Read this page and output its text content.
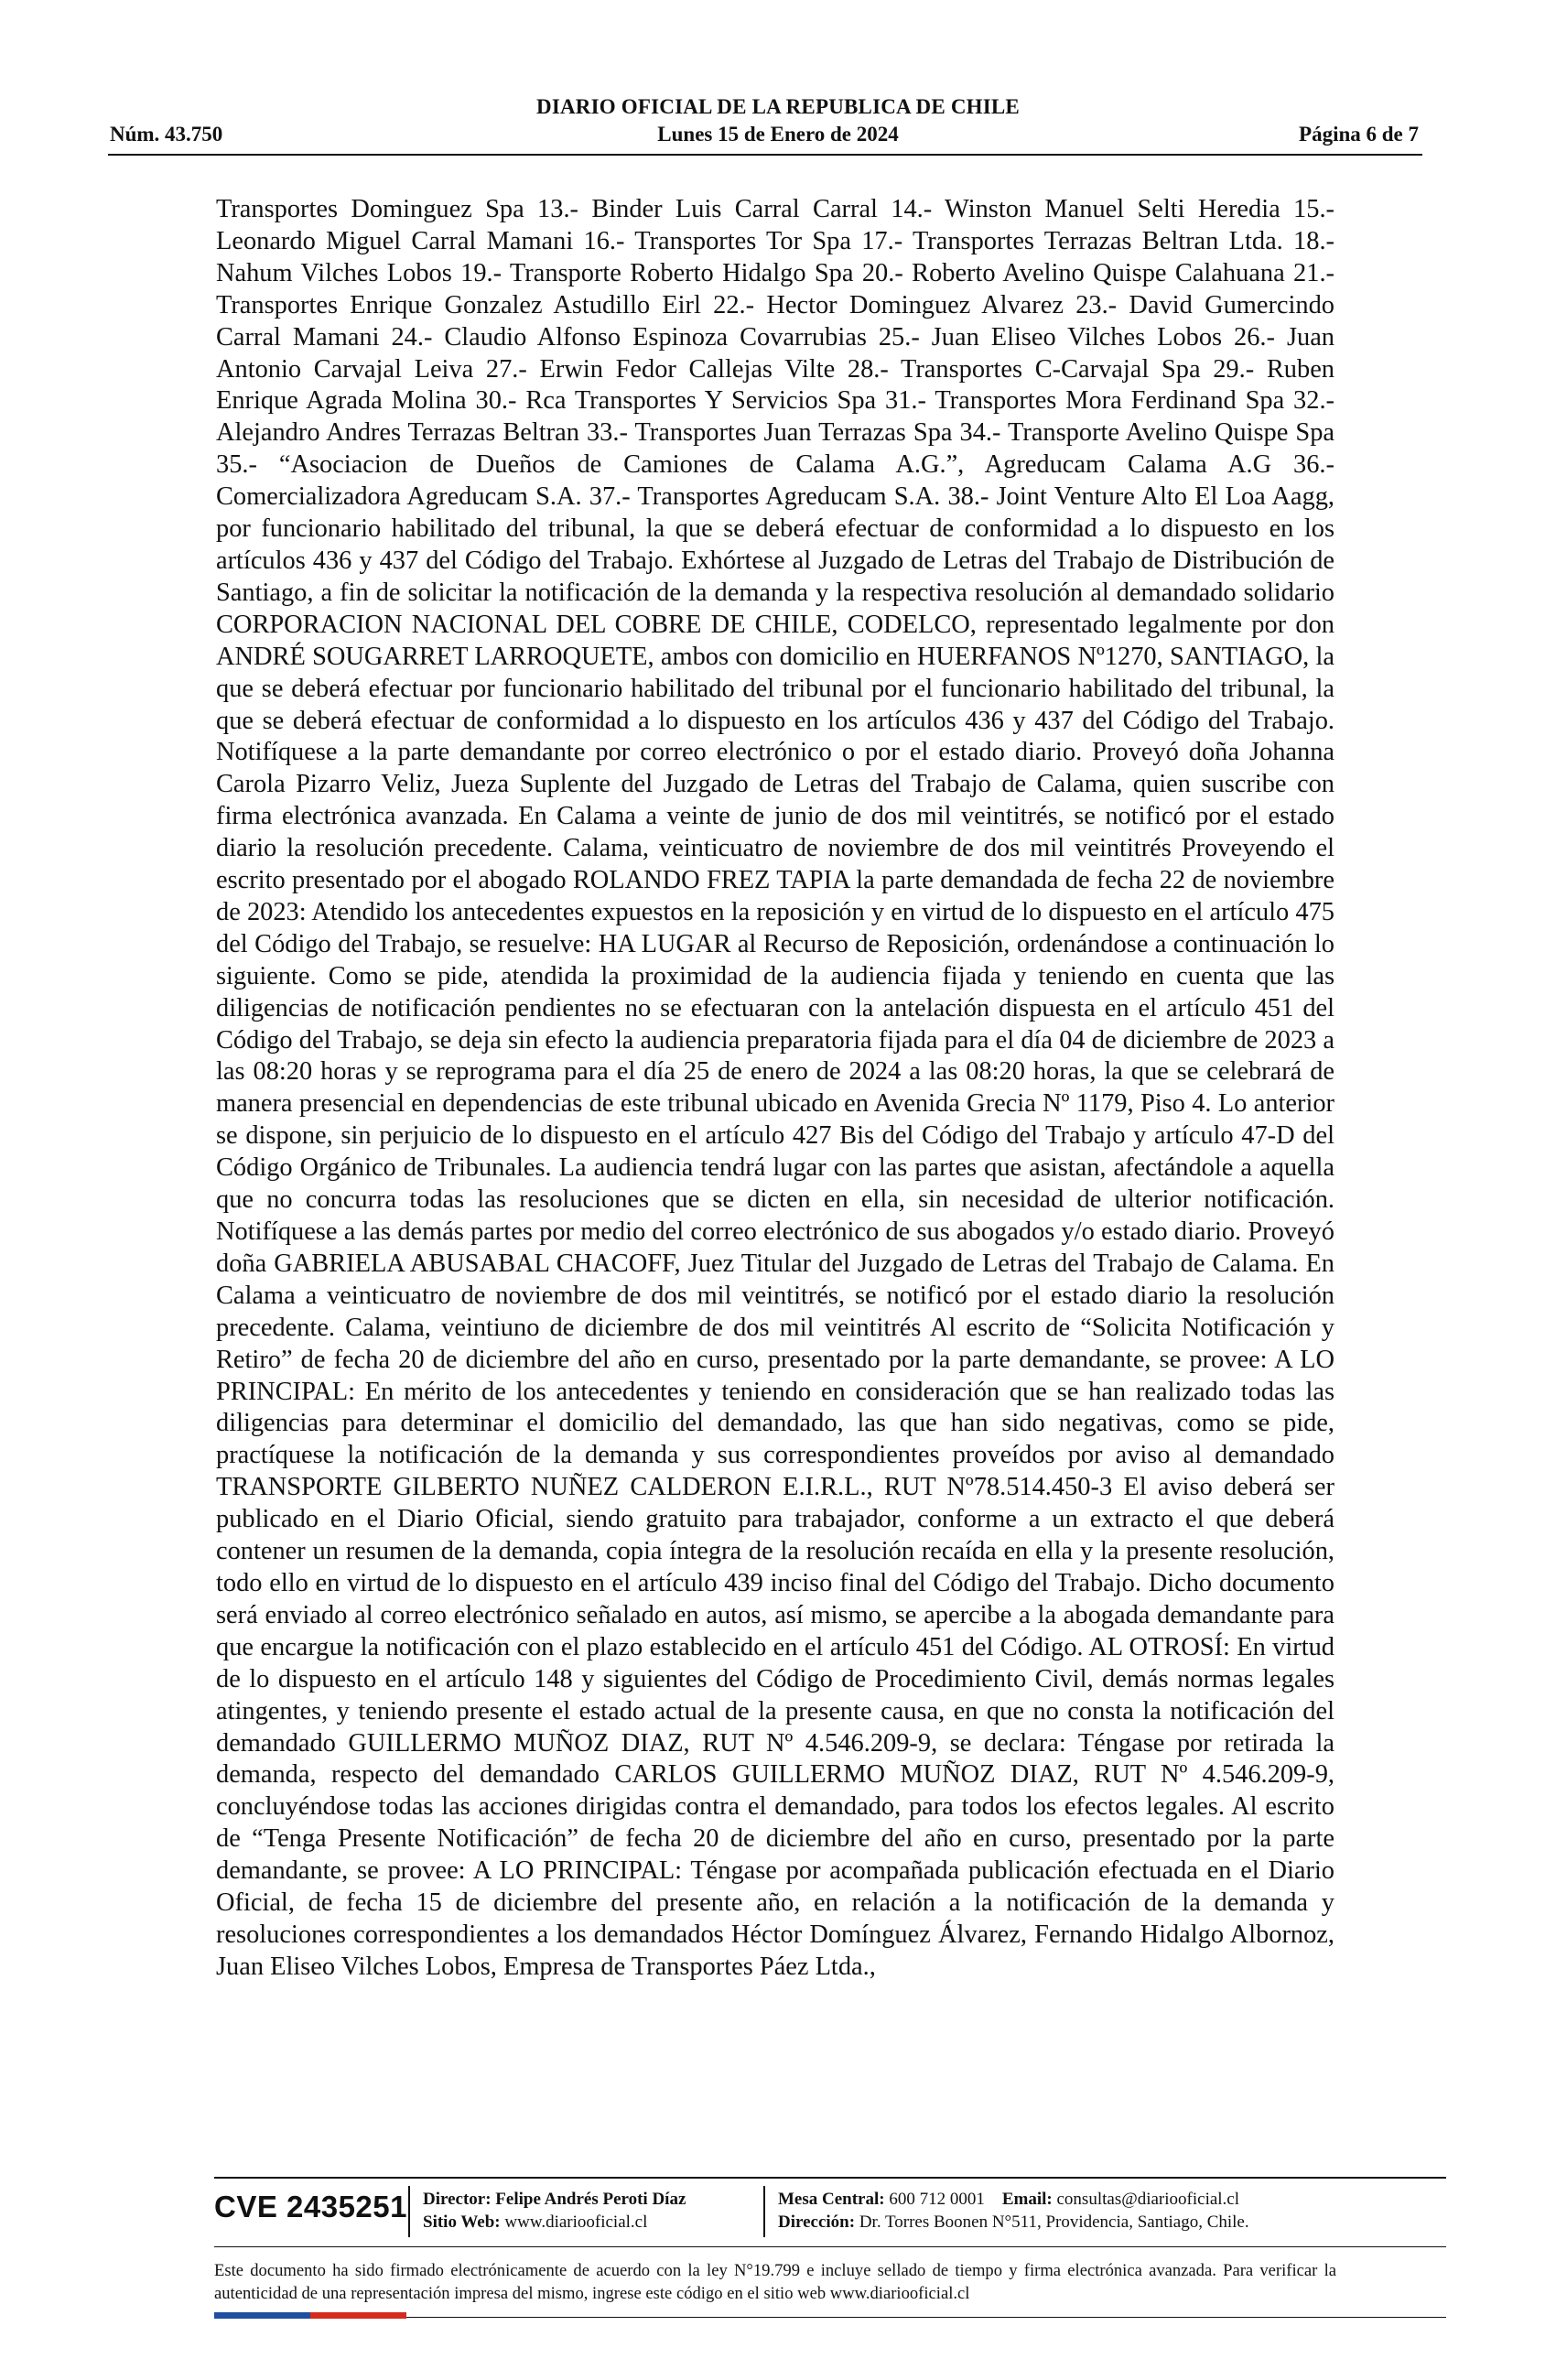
DIARIO OFICIAL DE LA REPUBLICA DE CHILE
Núm. 43.750	Lunes 15 de Enero de 2024	Página 6 de 7
Transportes Dominguez Spa 13.- Binder Luis Carral Carral 14.- Winston Manuel Selti Heredia 15.- Leonardo Miguel Carral Mamani 16.- Transportes Tor Spa 17.- Transportes Terrazas Beltran Ltda. 18.- Nahum Vilches Lobos 19.- Transporte Roberto Hidalgo Spa 20.- Roberto Avelino Quispe Calahuana 21.- Transportes Enrique Gonzalez Astudillo Eirl 22.- Hector Dominguez Alvarez 23.- David Gumercindo Carral Mamani 24.- Claudio Alfonso Espinoza Covarrubias 25.- Juan Eliseo Vilches Lobos 26.- Juan Antonio Carvajal Leiva 27.- Erwin Fedor Callejas Vilte 28.- Transportes C-Carvajal Spa 29.- Ruben Enrique Agrada Molina 30.- Rca Transportes Y Servicios Spa 31.- Transportes Mora Ferdinand Spa 32.- Alejandro Andres Terrazas Beltran 33.- Transportes Juan Terrazas Spa 34.- Transporte Avelino Quispe Spa 35.- “Asociacion de Dueños de Camiones de Calama A.G.”, Agreducam Calama A.G 36.- Comercializadora Agreducam S.A. 37.- Transportes Agreducam S.A. 38.- Joint Venture Alto El Loa Aagg, por funcionario habilitado del tribunal, la que se deberá efectuar de conformidad a lo dispuesto en los artículos 436 y 437 del Código del Trabajo. Exhórtese al Juzgado de Letras del Trabajo de Distribución de Santiago, a fin de solicitar la notificación de la demanda y la respectiva resolución al demandado solidario CORPORACION NACIONAL DEL COBRE DE CHILE, CODELCO, representado legalmente por don ANDRÉ SOUGARRET LARROQUETE, ambos con domicilio en HUERFANOS Nº1270, SANTIAGO, la que se deberá efectuar por funcionario habilitado del tribunal por el funcionario habilitado del tribunal, la que se deberá efectuar de conformidad a lo dispuesto en los artículos 436 y 437 del Código del Trabajo. Notifíquese a la parte demandante por correo electrónico o por el estado diario. Proveyó doña Johanna Carola Pizarro Veliz, Jueza Suplente del Juzgado de Letras del Trabajo de Calama, quien suscribe con firma electrónica avanzada. En Calama a veinte de junio de dos mil veintitrés, se notificó por el estado diario la resolución precedente. Calama, veinticuatro de noviembre de dos mil veintitrés Proveyendo el escrito presentado por el abogado ROLANDO FREZ TAPIA la parte demandada de fecha 22 de noviembre de 2023: Atendido los antecedentes expuestos en la reposición y en virtud de lo dispuesto en el artículo 475 del Código del Trabajo, se resuelve: HA LUGAR al Recurso de Reposición, ordenándose a continuación lo siguiente. Como se pide, atendida la proximidad de la audiencia fijada y teniendo en cuenta que las diligencias de notificación pendientes no se efectuaran con la antelación dispuesta en el artículo 451 del Código del Trabajo, se deja sin efecto la audiencia preparatoria fijada para el día 04 de diciembre de 2023 a las 08:20 horas y se reprograma para el día 25 de enero de 2024 a las 08:20 horas, la que se celebrará de manera presencial en dependencias de este tribunal ubicado en Avenida Grecia Nº 1179, Piso 4. Lo anterior se dispone, sin perjuicio de lo dispuesto en el artículo 427 Bis del Código del Trabajo y artículo 47-D del Código Orgánico de Tribunales. La audiencia tendrá lugar con las partes que asistan, afectándole a aquella que no concurra todas las resoluciones que se dicten en ella, sin necesidad de ulterior notificación. Notifíquese a las demás partes por medio del correo electrónico de sus abogados y/o estado diario. Proveyó doña GABRIELA ABUSABAL CHACOFF, Juez Titular del Juzgado de Letras del Trabajo de Calama. En Calama a veinticuatro de noviembre de dos mil veintitrés, se notificó por el estado diario la resolución precedente. Calama, veintiuno de diciembre de dos mil veintitrés Al escrito de “Solicita Notificación y Retiro” de fecha 20 de diciembre del año en curso, presentado por la parte demandante, se provee: A LO PRINCIPAL: En mérito de los antecedentes y teniendo en consideración que se han realizado todas las diligencias para determinar el domicilio del demandado, las que han sido negativas, como se pide, practíquese la notificación de la demanda y sus correspondientes proveídos por aviso al demandado TRANSPORTE GILBERTO NUÑEZ CALDERON E.I.R.L., RUT Nº78.514.450-3 El aviso deberá ser publicado en el Diario Oficial, siendo gratuito para trabajador, conforme a un extracto el que deberá contener un resumen de la demanda, copia íntegra de la resolución recaída en ella y la presente resolución, todo ello en virtud de lo dispuesto en el artículo 439 inciso final del Código del Trabajo. Dicho documento será enviado al correo electrónico señalado en autos, así mismo, se apercibe a la abogada demandante para que encargue la notificación con el plazo establecido en el artículo 451 del Código. AL OTROSÍ: En virtud de lo dispuesto en el artículo 148 y siguientes del Código de Procedimiento Civil, demás normas legales atingentes, y teniendo presente el estado actual de la presente causa, en que no consta la notificación del demandado GUILLERMO MUÑOZ DIAZ, RUT Nº 4.546.209-9, se declara: Téngase por retirada la demanda, respecto del demandado CARLOS GUILLERMO MUÑOZ DIAZ, RUT Nº 4.546.209-9, concluyéndose todas las acciones dirigidas contra el demandado, para todos los efectos legales. Al escrito de “Tenga Presente Notificación” de fecha 20 de diciembre del año en curso, presentado por la parte demandante, se provee: A LO PRINCIPAL: Téngase por acompañada publicación efectuada en el Diario Oficial, de fecha 15 de diciembre del presente año, en relación a la notificación de la demanda y resoluciones correspondientes a los demandados Héctor Domínguez Álvarez, Fernando Hidalgo Albornoz, Juan Eliseo Vilches Lobos, Empresa de Transportes Páez Ltda.,
CVE 2435251 Director: Felipe Andrés Peroti Díaz
Sitio Web: www.diariooficial.cl
Mesa Central: 600 712 0001 Email: consultas@diariooficial.cl
Dirección: Dr. Torres Boonen N°511, Providencia, Santiago, Chile.
Este documento ha sido firmado electrónicamente de acuerdo con la ley N°19.799 e incluye sellado de tiempo y firma electrónica avanzada. Para verificar la autenticidad de una representación impresa del mismo, ingrese este código en el sitio web www.diariooficial.cl
